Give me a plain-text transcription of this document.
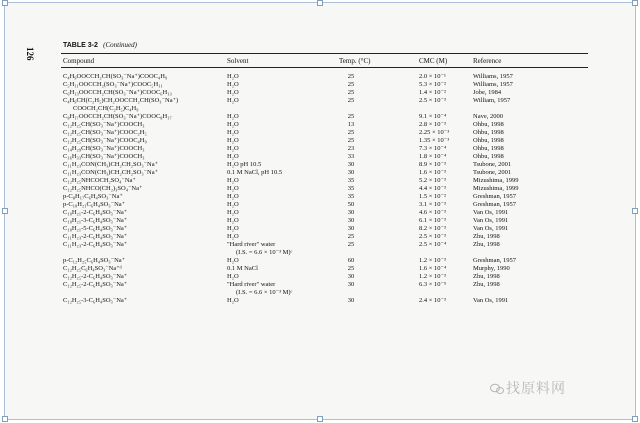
126
TABLE 3-2 (Continued)
Compound	Solvent	Temp. (°C)	CMC (M)	Reference
C₄H₉OOCCH₂CH(SO₃⁻Na⁺)COOC₄H₉	H₂O	25	2.0 × 10⁻¹	Williams, 1957
C₅H₁₁OOCCH₂(SO₃⁻Na⁺)COOC₅H₁₁	H₂O	25	5.3 × 10⁻²	Williams, 1957
C₆H₁₃OOCCH₂CH(SO₃⁻Na⁺)COOC₆H₁₃	H₂O	25	1.4 × 10⁻²	Jobe, 1984
C₄H₉CH(C₂H₅)CH₂OOCCH₂CH(SO₃⁻Na⁺)	H₂O	25	2.5 × 10⁻³	William, 1957
COOCH₂CH(C₂H₅)C₄H₉
C₈H₁₇OOCCH₂CH(SO₃⁻Na⁺)COOC₈H₁₇	H₂O	25	9.1 × 10⁻⁴	Nave, 2000
C₁₂H₂₅CH(SO₃⁻Na⁺)COOCH₃	H₂O	13	2.8 × 10⁻³	Ohbu, 1998
C₁₂H₂₅CH(SO₃⁻Na⁺)COOC₂H₅	H₂O	25	2.25 × 10⁻³	Ohbu, 1998
C₁₂H₂₅CH(SO₃⁻Na⁺)COOC₄H₉	H₂O	25	1.35 × 10⁻³	Ohbu, 1998
C₁₄H₂₉CH(SO₃⁻Na⁺)COOCH₃	H₂O	23	7.3 × 10⁻⁴	Ohbu, 1998
C₁₆H₃₃CH(SO₃⁻Na⁺)COOCH₃	H₂O	33	1.8 × 10⁻⁴	Ohbu, 1998
C₁₁H₂₃CON(CH₃)CH₂CH₂SO₃⁻Na⁺	H₂O pH 10.5	30	8.9 × 10⁻³	Tsubone, 2001
C₁₁H₂₃CON(CH₃)CH₂CH₂SO₃⁻Na⁺	0.1 M NaCl, pH 10.5	30	1.6 × 10⁻³	Tsubone, 2001
C₁₂H₂₅NHCOCH₂SO₄⁻Na⁺	H₂O	35	5.2 × 10⁻³	Mizushima, 1999
C₁₂H₂₅NHCO(CH₂)₃SO₄⁻Na⁺	H₂O	35	4.4 × 10⁻³	Mizushima, 1999
p-C₈H₁₇C₆H₄SO₃⁻Na⁺	H₂O	35	1.5 × 10⁻²	Greshman, 1957
p-C₁₀H₂₁C₆H₄SO₃⁻Na⁺	H₂O	50	3.1 × 10⁻³	Greshman, 1957
C₁₀H₂₁-2-C₆H₄SO₃⁻Na⁺	H₂O	30	4.6 × 10⁻³	Van Os, 1991
C₁₀H₂₁-3-C₆H₄SO₃⁻Na⁺	H₂O	30	6.1 × 10⁻³	Van Os, 1991
C₁₀H₂₁-5-C₆H₄SO₃⁻Na⁺	H₂O	30	8.2 × 10⁻³	Van Os, 1991
C₁₁H₂₃-2-C₆H₄SO₃⁻Na⁺	H₂O	25	2.5 × 10⁻³	Zhu, 1998
C₁₁H₂₃-2-C₆H₄SO₃⁻Na⁺	"Hard river" water	25	2.5 × 10⁻⁴	Zhu, 1998
(I.S. = 6.6 × 10⁻³ M)ᶜ
p-C₁₂H₂₅C₆H₄SO₃⁻Na⁺	H₂O	60	1.2 × 10⁻³	Greshman, 1957
C₁₂H₂₅C₆H₄SO₃⁻Na⁺ᵈ	0.1 M NaCl	25	1.6 × 10⁻⁴	Murphy, 1990
C₁₂H₂₅-2-C₆H₄SO₃⁻Na⁺	H₂O	30	1.2 × 10⁻³	Zhu, 1998
C₁₂H₂₅-2-C₆H₄SO₃⁻Na⁺	"Hard river" water	30	6.3 × 10⁻⁵	Zhu, 1998
(I.S. = 6.6 × 10⁻³ M)ᶜ
C₁₂H₂₅-3-C₆H₄SO₃⁻Na⁺	H₂O	30	2.4 × 10⁻³	Van Os, 1991
找原料网
